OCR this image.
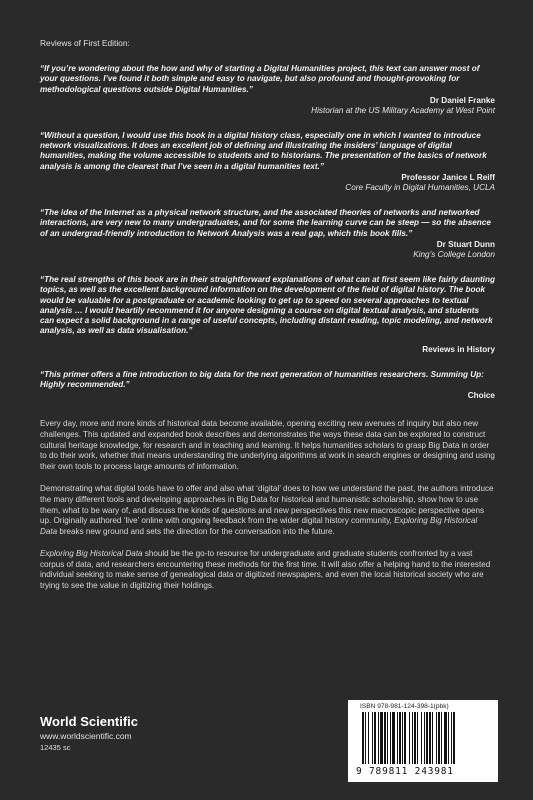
Reviews of First Edition:

“If you’re wondering about the how and why of starting a Digital Humanities project, this text can answer most of your questions. I’ve found it both simple and easy to navigate, but also profound and thought-provoking for methodological questions outside Digital Humanities.”

Dr Daniel Franke
Historian at the US Military Academy at West Point

“Without a question, I would use this book in a digital history class, especially one in which I wanted to introduce network visualizations. It does an excellent job of defining and illustrating the insiders’ language of digital humanities, making the volume accessible to students and to historians. The presentation of the basics of network analysis is among the clearest that I’ve seen in a digital humanities text.”

Professor Janice L Reiff
Core Faculty in Digital Humanities, UCLA

“The idea of the Internet as a physical network structure, and the associated theories of networks and networked interactions, are very new to many undergraduates, and for some the learning curve can be steep — so the absence of an undergrad-friendly introduction to Network Analysis was a real gap, which this book fills.”

Dr Stuart Dunn
King’s College London

“The real strengths of this book are in their straightforward explanations of what can at first seem like fairly daunting topics, as well as the excellent background information on the development of the field of digital history. The book would be valuable for a postgraduate or academic looking to get up to speed on several approaches to textual analysis … I would heartily recommend it for anyone designing a course on digital textual analysis, and students can expect a solid background in a range of useful concepts, including distant reading, topic modeling, and network analysis, as well as data visualisation.”

Reviews in History

“This primer offers a fine introduction to big data for the next generation of humanities researchers. Summing Up: Highly recommended.”

Choice

Every day, more and more kinds of historical data become available, opening exciting new avenues of inquiry but also new challenges. This updated and expanded book describes and demonstrates the ways these data can be explored to construct cultural heritage knowledge, for research and in teaching and learning. It helps humanities scholars to grasp Big Data in order to do their work, whether that means understanding the underlying algorithms at work in search engines or designing and using their own tools to process large amounts of information.

Demonstrating what digital tools have to offer and also what ‘digital’ does to how we understand the past, the authors introduce the many different tools and developing approaches in Big Data for historical and humanistic scholarship, show how to use them, what to be wary of, and discuss the kinds of questions and new perspectives this new macroscopic perspective opens up. Originally authored ‘live’ online with ongoing feedback from the wider digital history community, Exploring Big Historical Data breaks new ground and sets the direction for the conversation into the future.

Exploring Big Historical Data should be the go-to resource for undergraduate and graduate students confronted by a vast corpus of data, and researchers encountering these methods for the first time. It will also offer a helping hand to the interested individual seeking to make sense of genealogical data or digitized newspapers, and even the local historical society who are trying to see the value in digitizing their holdings.

World Scientific
www.worldscientific.com
12435 sc
ISBN 978-981-124-398-1(pbk)
9 789811 243981
